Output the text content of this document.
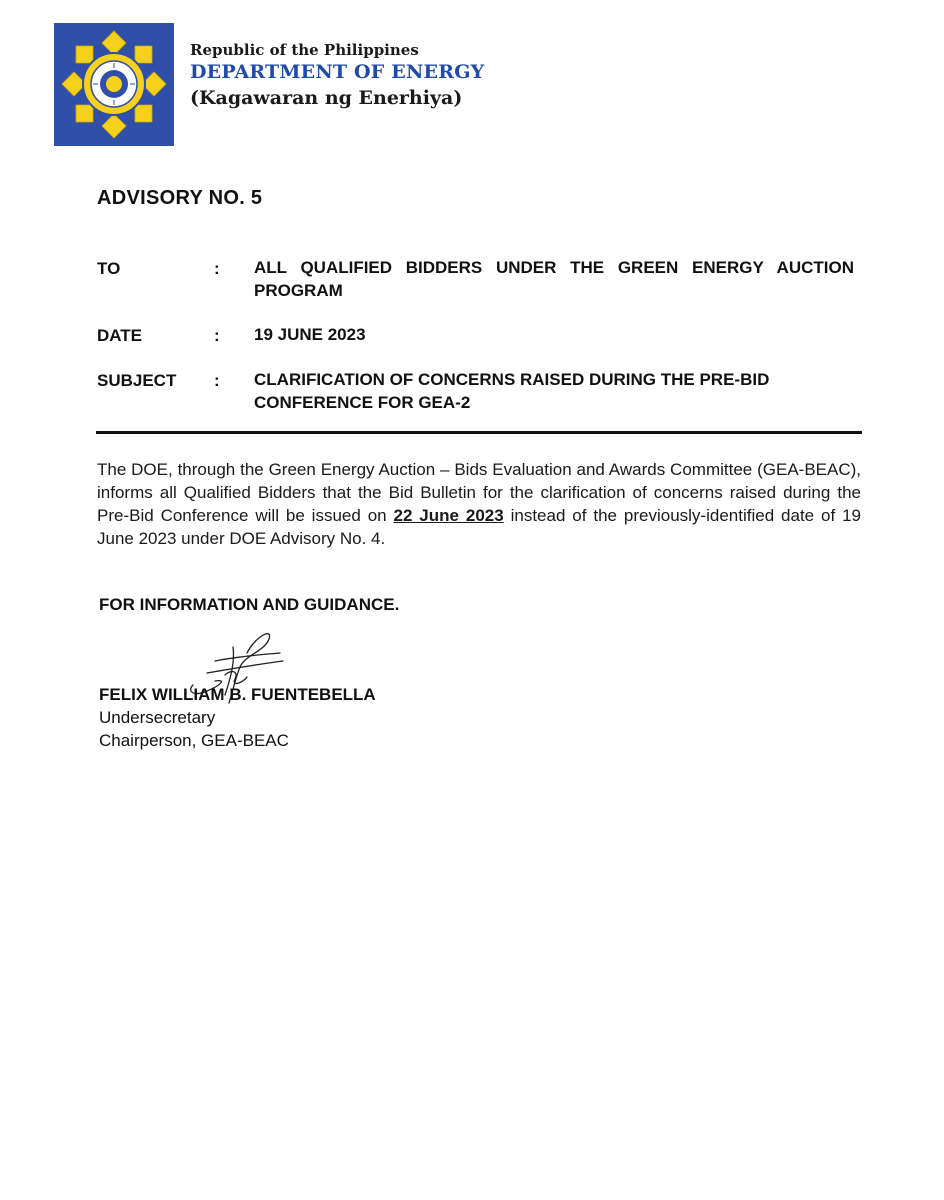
Republic of the Philippines
DEPARTMENT OF ENERGY
(Kagawaran ng Enerhiya)
ADVISORY NO. 5
TO	: ALL QUALIFIED BIDDERS UNDER THE GREEN ENERGY AUCTION PROGRAM
DATE	: 19 JUNE 2023
SUBJECT : CLARIFICATION OF CONCERNS RAISED DURING THE PRE-BID CONFERENCE FOR GEA-2
The DOE, through the Green Energy Auction – Bids Evaluation and Awards Committee (GEA-BEAC), informs all Qualified Bidders that the Bid Bulletin for the clarification of concerns raised during the Pre-Bid Conference will be issued on 22 June 2023 instead of the previously-identified date of 19 June 2023 under DOE Advisory No. 4.
FOR INFORMATION AND GUIDANCE.
FELIX WILLIAM B. FUENTEBELLA
Undersecretary
Chairperson, GEA-BEAC
